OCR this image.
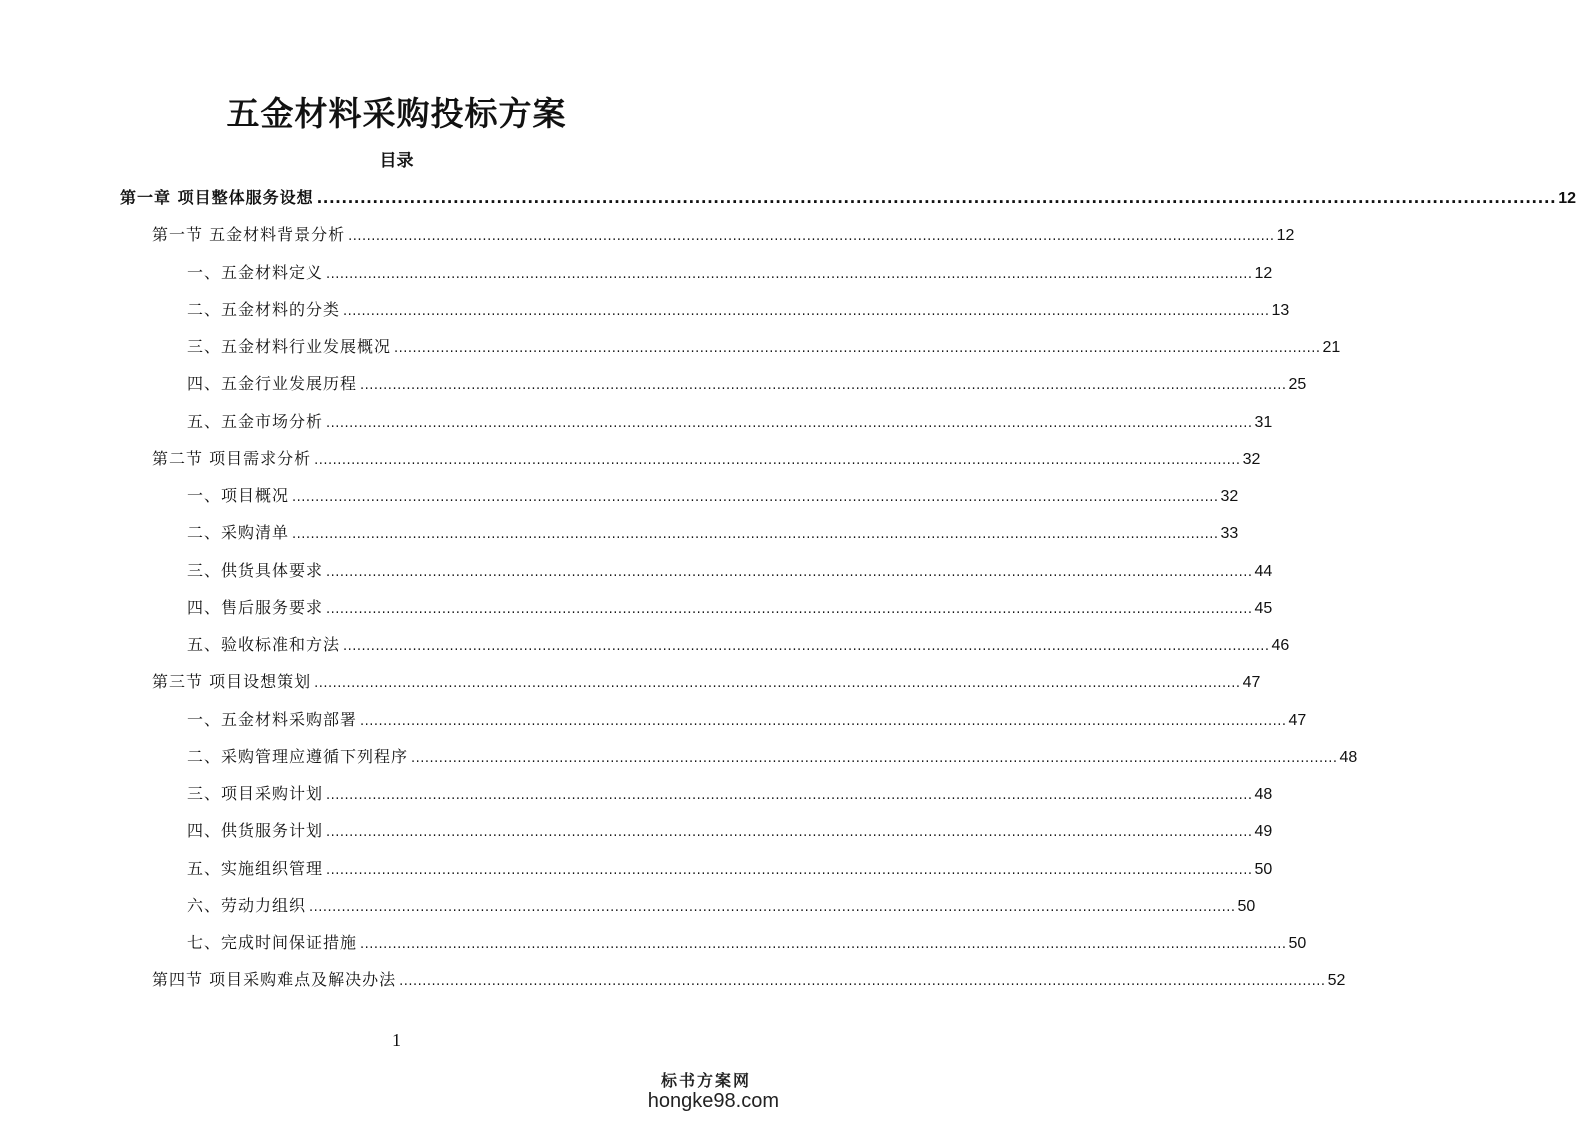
五金材料采购投标方案
目录
第一章 项目整体服务设想 ........................................................................................................................................................................................................ 12
第一节 五金材料背景分析 ........................................................................................................................................................................................................ 12
一、五金材料定义 ........................................................................................................................................................................................................ 12
二、五金材料的分类 ........................................................................................................................................................................................................ 13
三、五金材料行业发展概况 ........................................................................................................................................................................................................ 21
四、五金行业发展历程 ........................................................................................................................................................................................................ 25
五、五金市场分析 ........................................................................................................................................................................................................ 31
第二节 项目需求分析 ........................................................................................................................................................................................................ 32
一、项目概况 ........................................................................................................................................................................................................ 32
二、采购清单 ........................................................................................................................................................................................................ 33
三、供货具体要求 ........................................................................................................................................................................................................ 44
四、售后服务要求 ........................................................................................................................................................................................................ 45
五、验收标准和方法 ........................................................................................................................................................................................................ 46
第三节 项目设想策划 ........................................................................................................................................................................................................ 47
一、五金材料采购部署 ........................................................................................................................................................................................................ 47
二、采购管理应遵循下列程序 ........................................................................................................................................................................................................ 48
三、项目采购计划 ........................................................................................................................................................................................................ 48
四、供货服务计划 ........................................................................................................................................................................................................ 49
五、实施组织管理 ........................................................................................................................................................................................................ 50
六、劳动力组织 ........................................................................................................................................................................................................ 50
七、完成时间保证措施 ........................................................................................................................................................................................................ 50
第四节 项目采购难点及解决办法 ........................................................................................................................................................................................................ 52
1
标书方案网
hongke98.com
